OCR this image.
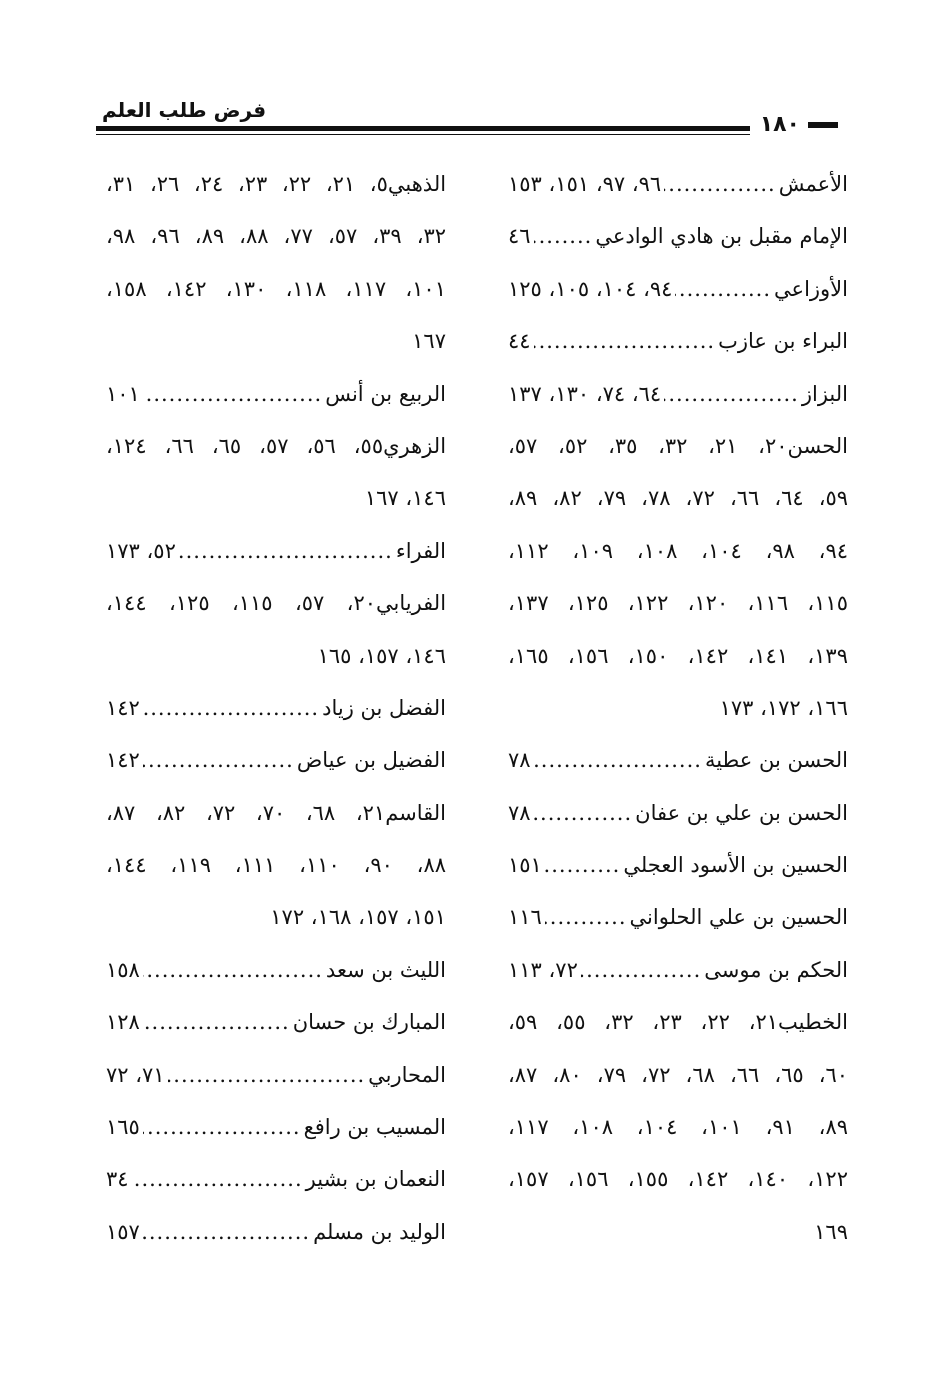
فرض طلب العلم
١٨٠
الأعمش
.....
٩٦، ٩٧، ١٥١، ١٥٣
الإمام مقبل بن هادي الوادعي
.....
٤٦
الأوزاعي
.....
٩٤، ١٠٤، ١٠٥، ١٢٥
البراء بن عازب
.....
٤٤
البزاز
.....
٦٤، ٧٤، ١٣٠، ١٣٧
الحسن٢٠، ٢١، ٣٢، ٣٥، ٥٢، ٥٧،
٥٩، ٦٤، ٦٦، ٧٢، ٧٨، ٧٩، ٨٢، ٨٩،
٩٤، ٩٨، ١٠٤، ١٠٨، ١٠٩، ١١٢،
١١٥، ١١٦، ١٢٠، ١٢٢، ١٢٥، ١٣٧،
١٣٩، ١٤١، ١٤٢، ١٥٠، ١٥٦، ١٦٥،
١٦٦، ١٧٢، ١٧٣
الحسن بن عطية
.....
٧٨
الحسن بن علي بن عفان
.....
٧٨
الحسين بن الأسود العجلي
.....
١٥١
الحسين بن علي الحلواني
.....
١١٦
الحكم بن موسى
.....
٧٢، ١١٣
الخطيب٢١، ٢٢، ٢٣، ٣٢، ٥٥، ٥٩،
٦٠، ٦٥، ٦٦، ٦٨، ٧٢، ٧٩، ٨٠، ٨٧،
٨٩، ٩١، ١٠١، ١٠٤، ١٠٨، ١١٧،
١٢٢، ١٤٠، ١٤٢، ١٥٥، ١٥٦، ١٥٧،
١٦٩
الذهبي٥، ٢١، ٢٢، ٢٣، ٢٤، ٢٦، ٣١،
٣٢، ٣٩، ٥٧، ٧٧، ٨٨، ٨٩، ٩٦، ٩٨،
١٠١، ١١٧، ١١٨، ١٣٠، ١٤٢، ١٥٨،
١٦٧
الربيع بن أنس
.....
١٠١
الزهري٥٥، ٥٦، ٥٧، ٦٥، ٦٦، ١٢٤،
١٤٦، ١٦٧
الفراء
.....
٥٢، ١٧٣
الفريابي٢٠، ٥٧، ١١٥، ١٢٥، ١٤٤،
١٤٦، ١٥٧، ١٦٥
الفضل بن زياد
.....
١٤٢
الفضيل بن عياض
.....
١٤٢
القاسم٢١، ٦٨، ٧٠، ٧٢، ٨٢، ٨٧،
٨٨، ٩٠، ١١٠، ١١١، ١١٩، ١٤٤،
١٥١، ١٥٧، ١٦٨، ١٧٢
الليث بن سعد
.....
١٥٨
المبارك بن حسان
.....
١٢٨
المحاربي
.....
٧١، ٧٢
المسيب بن رافع
.....
١٦٥
النعمان بن بشير
.....
٣٤
الوليد بن مسلم
.....
١٥٧
